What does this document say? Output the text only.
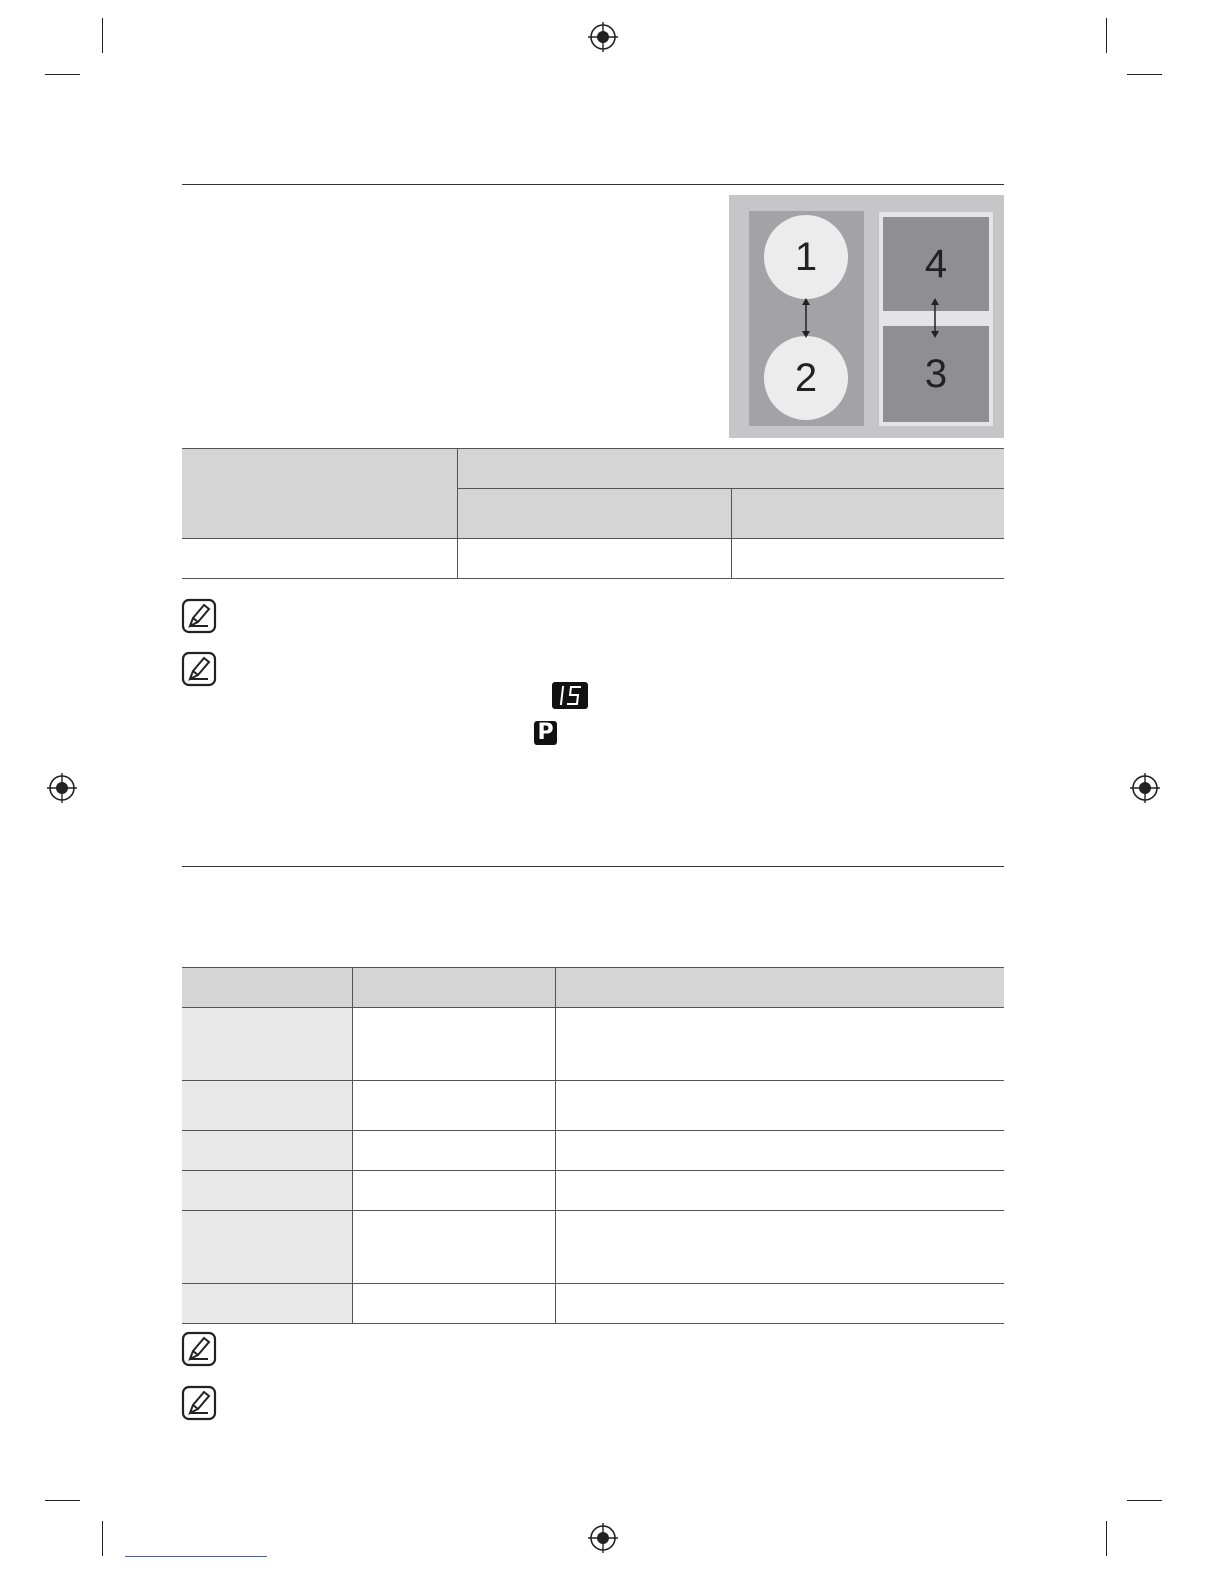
1
2
4
3

P
